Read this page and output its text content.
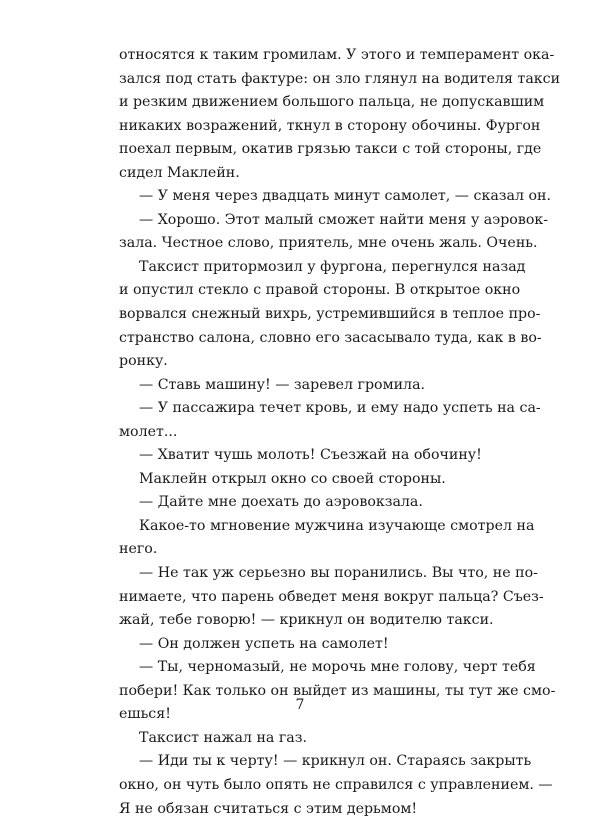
относятся к таким громилам. У этого и темперамент ока-
зался под стать фактуре: он зло глянул на водителя такси
и резким движением большого пальца, не допускавшим
никаких возражений, ткнул в сторону обочины. Фургон
поехал первым, окатив грязью такси с той стороны, где
сидел Маклейн.
— У меня через двадцать минут самолет, — сказал он.
— Хорошо. Этот малый сможет найти меня у аэровок-
зала. Честное слово, приятель, мне очень жаль. Очень.
Таксист притормозил у фургона, перегнулся назад
и опустил стекло с правой стороны. В открытое окно
ворвался снежный вихрь, устремившийся в теплое про-
странство салона, словно его засасывало туда, как в во-
ронку.
— Ставь машину! — заревел громила.
— У пассажира течет кровь, и ему надо успеть на са-
молет...
— Хватит чушь молоть! Съезжай на обочину!
Маклейн открыл окно со своей стороны.
— Дайте мне доехать до аэровокзала.
Какое-то мгновение мужчина изучающе смотрел на
него.
— Не так уж серьезно вы поранились. Вы что, не по-
нимаете, что парень обведет меня вокруг пальца? Съез-
жай, тебе говорю! — крикнул он водителю такси.
— Он должен успеть на самолет!
— Ты, черномазый, не морочь мне голову, черт тебя
побери! Как только он выйдет из машины, ты тут же смо-
ешься!
Таксист нажал на газ.
— Иди ты к черту! — крикнул он. Стараясь закрыть
окно, он чуть было опять не справился с управлением. —
Я не обязан считаться с этим дерьмом!
7
